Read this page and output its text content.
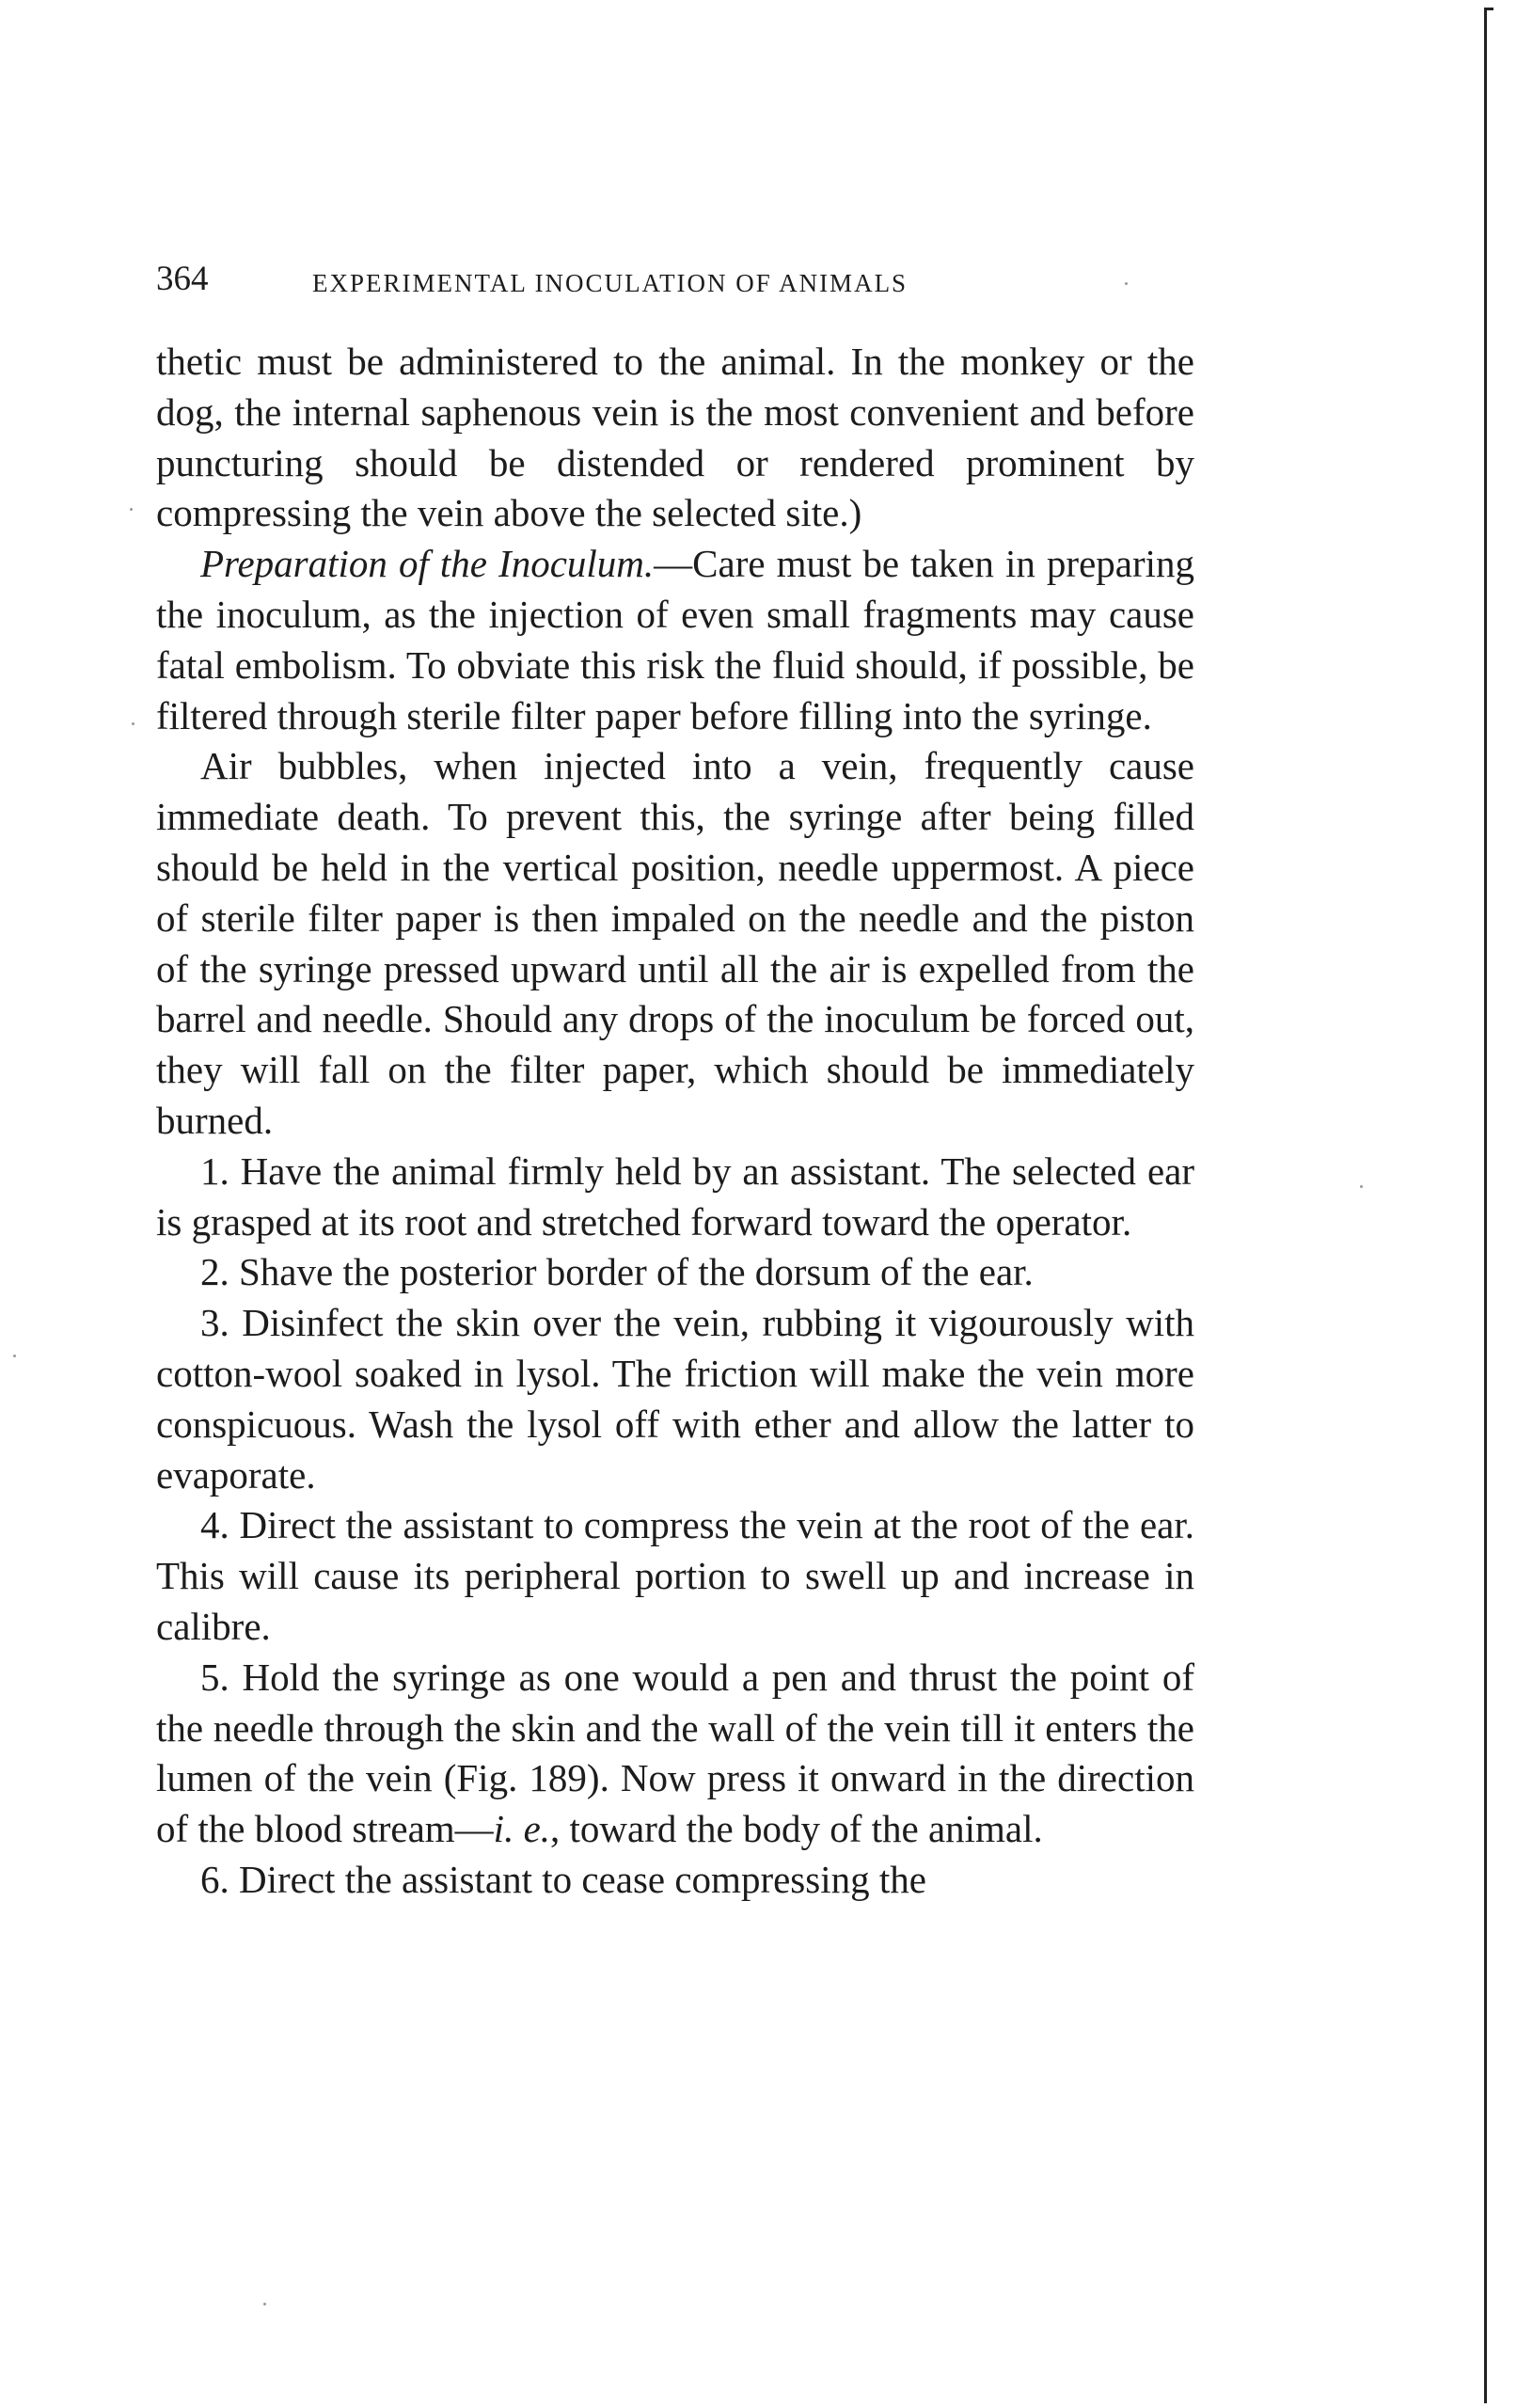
364	EXPERIMENTAL INOCULATION OF ANIMALS

thetic must be administered to the animal. In the monkey or the dog, the internal saphenous vein is the most convenient and before puncturing should be distended or rendered prominent by compressing the vein above the selected site.)

Preparation of the Inoculum.—Care must be taken in preparing the inoculum, as the injection of even small fragments may cause fatal embolism. To obviate this risk the fluid should, if possible, be filtered through sterile filter paper before filling into the syringe.

Air bubbles, when injected into a vein, frequently cause immediate death. To prevent this, the syringe after being filled should be held in the vertical position, needle uppermost. A piece of sterile filter paper is then impaled on the needle and the piston of the syringe pressed upward until all the air is expelled from the barrel and needle. Should any drops of the inoculum be forced out, they will fall on the filter paper, which should be immediately burned.

1. Have the animal firmly held by an assistant. The selected ear is grasped at its root and stretched forward toward the operator.

2. Shave the posterior border of the dorsum of the ear.

3. Disinfect the skin over the vein, rubbing it vigourously with cotton-wool soaked in lysol. The friction will make the vein more conspicuous. Wash the lysol off with ether and allow the latter to evaporate.

4. Direct the assistant to compress the vein at the root of the ear. This will cause its peripheral portion to swell up and increase in calibre.

5. Hold the syringe as one would a pen and thrust the point of the needle through the skin and the wall of the vein till it enters the lumen of the vein (Fig. 189). Now press it onward in the direction of the blood stream—i. e., toward the body of the animal.

6. Direct the assistant to cease compressing the
